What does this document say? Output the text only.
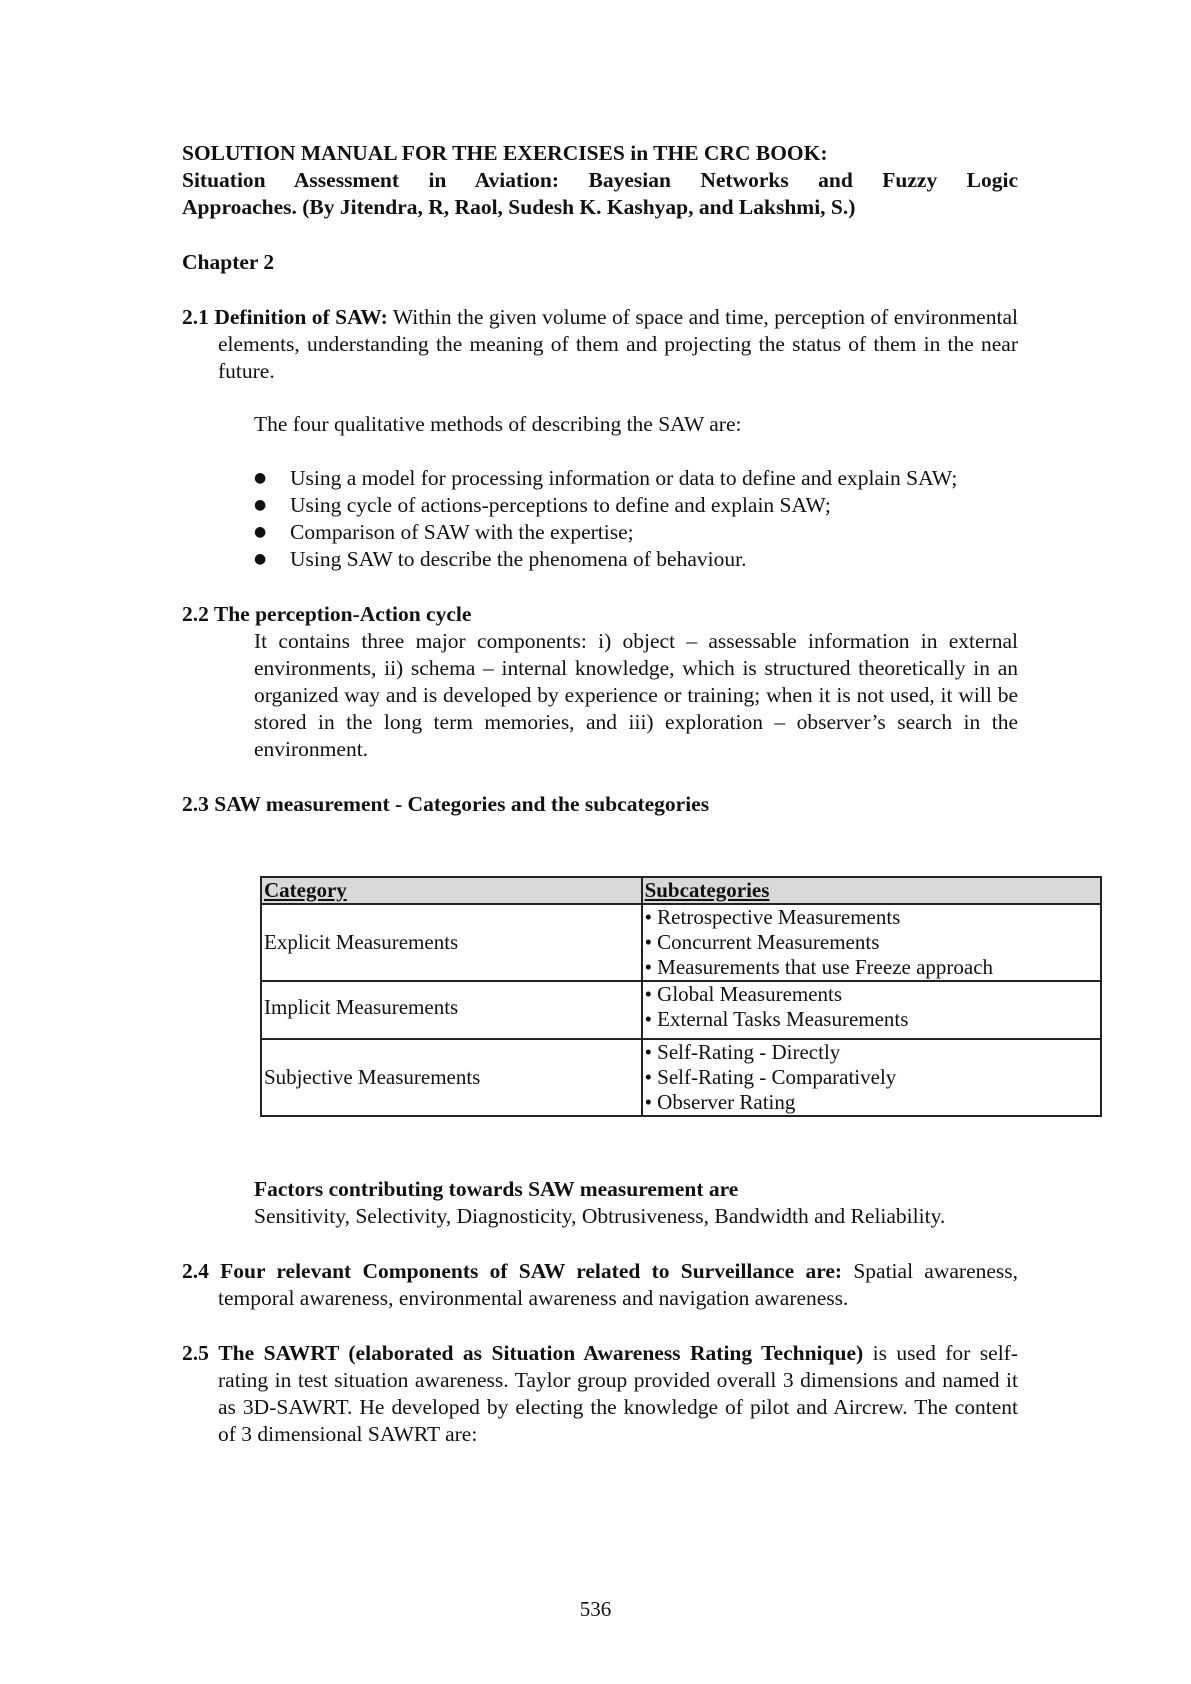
SOLUTION MANUAL FOR THE EXERCISES in THE CRC BOOK:
Situation Assessment in Aviation: Bayesian Networks and Fuzzy Logic
Approaches. (By Jitendra, R, Raol, Sudesh K. Kashyap, and Lakshmi, S.)
Chapter 2
2.1 Definition of SAW: Within the given volume of space and time, perception of environmental elements, understanding the meaning of them and projecting the status of them in the near future.
The four qualitative methods of describing the SAW are:
●	Using a model for processing information or data to define and explain SAW;
●	Using cycle of actions-perceptions to define and explain SAW;
●	Comparison of SAW with the expertise;
●	Using SAW to describe the phenomena of behaviour.
2.2 The perception-Action cycle
It contains three major components: i) object – assessable information in external environments, ii) schema – internal knowledge, which is structured theoretically in an organized way and is developed by experience or training; when it is not used, it will be stored in the long term memories, and iii) exploration – observer’s search in the environment.
2.3 SAW measurement - Categories and the subcategories
Category	Subcategories
Explicit Measurements	• Retrospective Measurements
• Concurrent Measurements
• Measurements that use Freeze approach

Implicit Measurements	• Global Measurements
• External Tasks Measurements

Subjective Measurements	• Self-Rating - Directly
• Self-Rating - Comparatively
• Observer Rating
Factors contributing towards SAW measurement are
Sensitivity, Selectivity, Diagnosticity, Obtrusiveness, Bandwidth and Reliability.
2.4 Four relevant Components of SAW related to Surveillance are: Spatial awareness, temporal awareness, environmental awareness and navigation awareness.
2.5 The SAWRT (elaborated as Situation Awareness Rating Technique) is used for self-rating in test situation awareness. Taylor group provided overall 3 dimensions and named it as 3D-SAWRT. He developed by electing the knowledge of pilot and Aircrew. The content of 3 dimensional SAWRT are:
536
